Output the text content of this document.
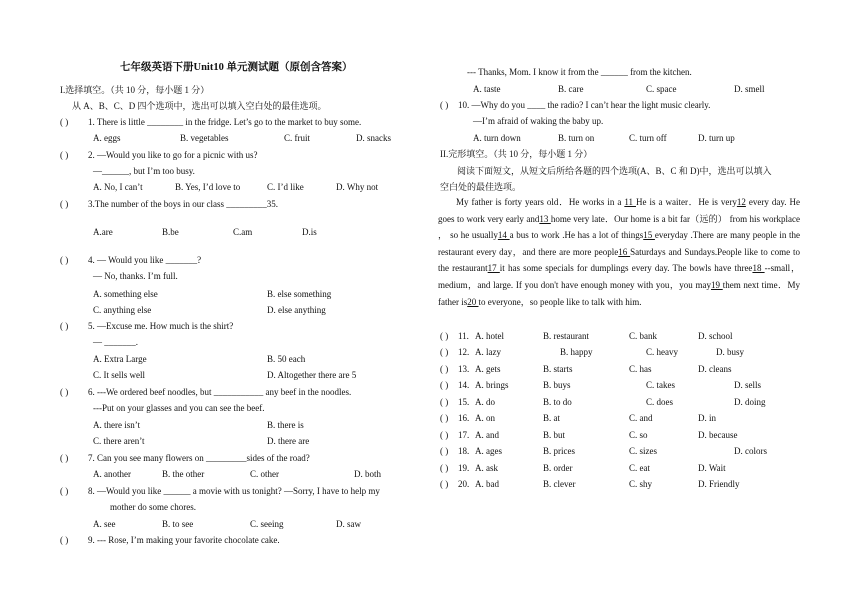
七年级英语下册Unit10 单元测试题（原创含答案）
I.选择填空。（共 10 分，每小题 1 分）
从 A、B、C、D 四个选项中，选出可以填入空白处的最佳选项。
( ) 1. There is little ________ in the fridge. Let’s go to the market to buy some.
A. eggs	B. vegetables	C. fruit	D. snacks
( ) 2. —Would you like to go for a picnic with us?
—______, but I’m too busy.
A. No, I can’t	B. Yes, I’d love to	C. I’d like	D. Why not
( ) 3.The number of the boys in our class _________35.
A.are	B.be	C.am	D.is
( ) 4. — Would you like _______?
— No, thanks. I’m full.
A. something else	B. else something
C. anything else	D. else anything
( ) 5. —Excuse me. How much is the shirt?
— _______.
A. Extra Large	B. 50 each
C. It sells well	D. Altogether there are 5
( ) 6. ---We ordered beef noodles, but ___________ any beef in the noodles.
---Put on your glasses and you can see the beef.
A. there isn’t	B. there is
C. there aren’t	D. there are
( ) 7. Can you see many flowers on _________sides of the road?
A. another	B. the other	C. other	D. both
( ) 8. —Would you like ______ a movie with us tonight? —Sorry, I have to help my
mother do some chores.
A. see	B. to see	C. seeing	D. saw
( ) 9. --- Rose, I’m making your favorite chocolate cake.
--- Thanks, Mom. I know it from the ______ from the kitchen.
A. taste	B. care	C. space	D. smell
( ) 10. —Why do you ____ the radio? I can’t hear the light music clearly.
—I’m afraid of waking the baby up.
A. turn down	B. turn on	C. turn off	D. turn up
II.完形填空。（共 10 分，每小题 1 分）
阅读下面短文，从短文后所给各题的四个选项(A、B、C 和 D)中，选出可以填入
空白处的最佳选项。
My father is forty years old．He works in a 11 He is a waiter．He is very12 every day. He goes to work very early and13 home very late．Our home is a bit far（远的） from his workplace ， so he usually14 a bus to work .He has a lot of things15 everyday .There are many people in the restaurant every day，and there are more people16 Saturdays and Sundays.People like to come to the restaurant17 it has some specials for dumplings every day. The bowls have three18 --small，medium，and large. If you don't have enough money with you，you may19 them next time．My father is20 to everyone，so people like to talk with him.
( ) 11. A. hotel	B. restaurant	C. bank	D. school
( ) 12. A. lazy	B. happy	C. heavy	D. busy
( ) 13. A. gets	B. starts	C. has	D. cleans
( ) 14. A. brings	B. buys	C. takes	D. sells
( ) 15. A. do	B. to do	C. does	D. doing
( ) 16. A. on	B. at	C. and	D. in
( ) 17. A. and	B. but	C. so	D. because
( ) 18. A. ages	B. prices	C. sizes	D. colors
( ) 19. A. ask	B. order	C. eat	D. Wait
( ) 20. A. bad	B. clever	C. shy	D. Friendly
